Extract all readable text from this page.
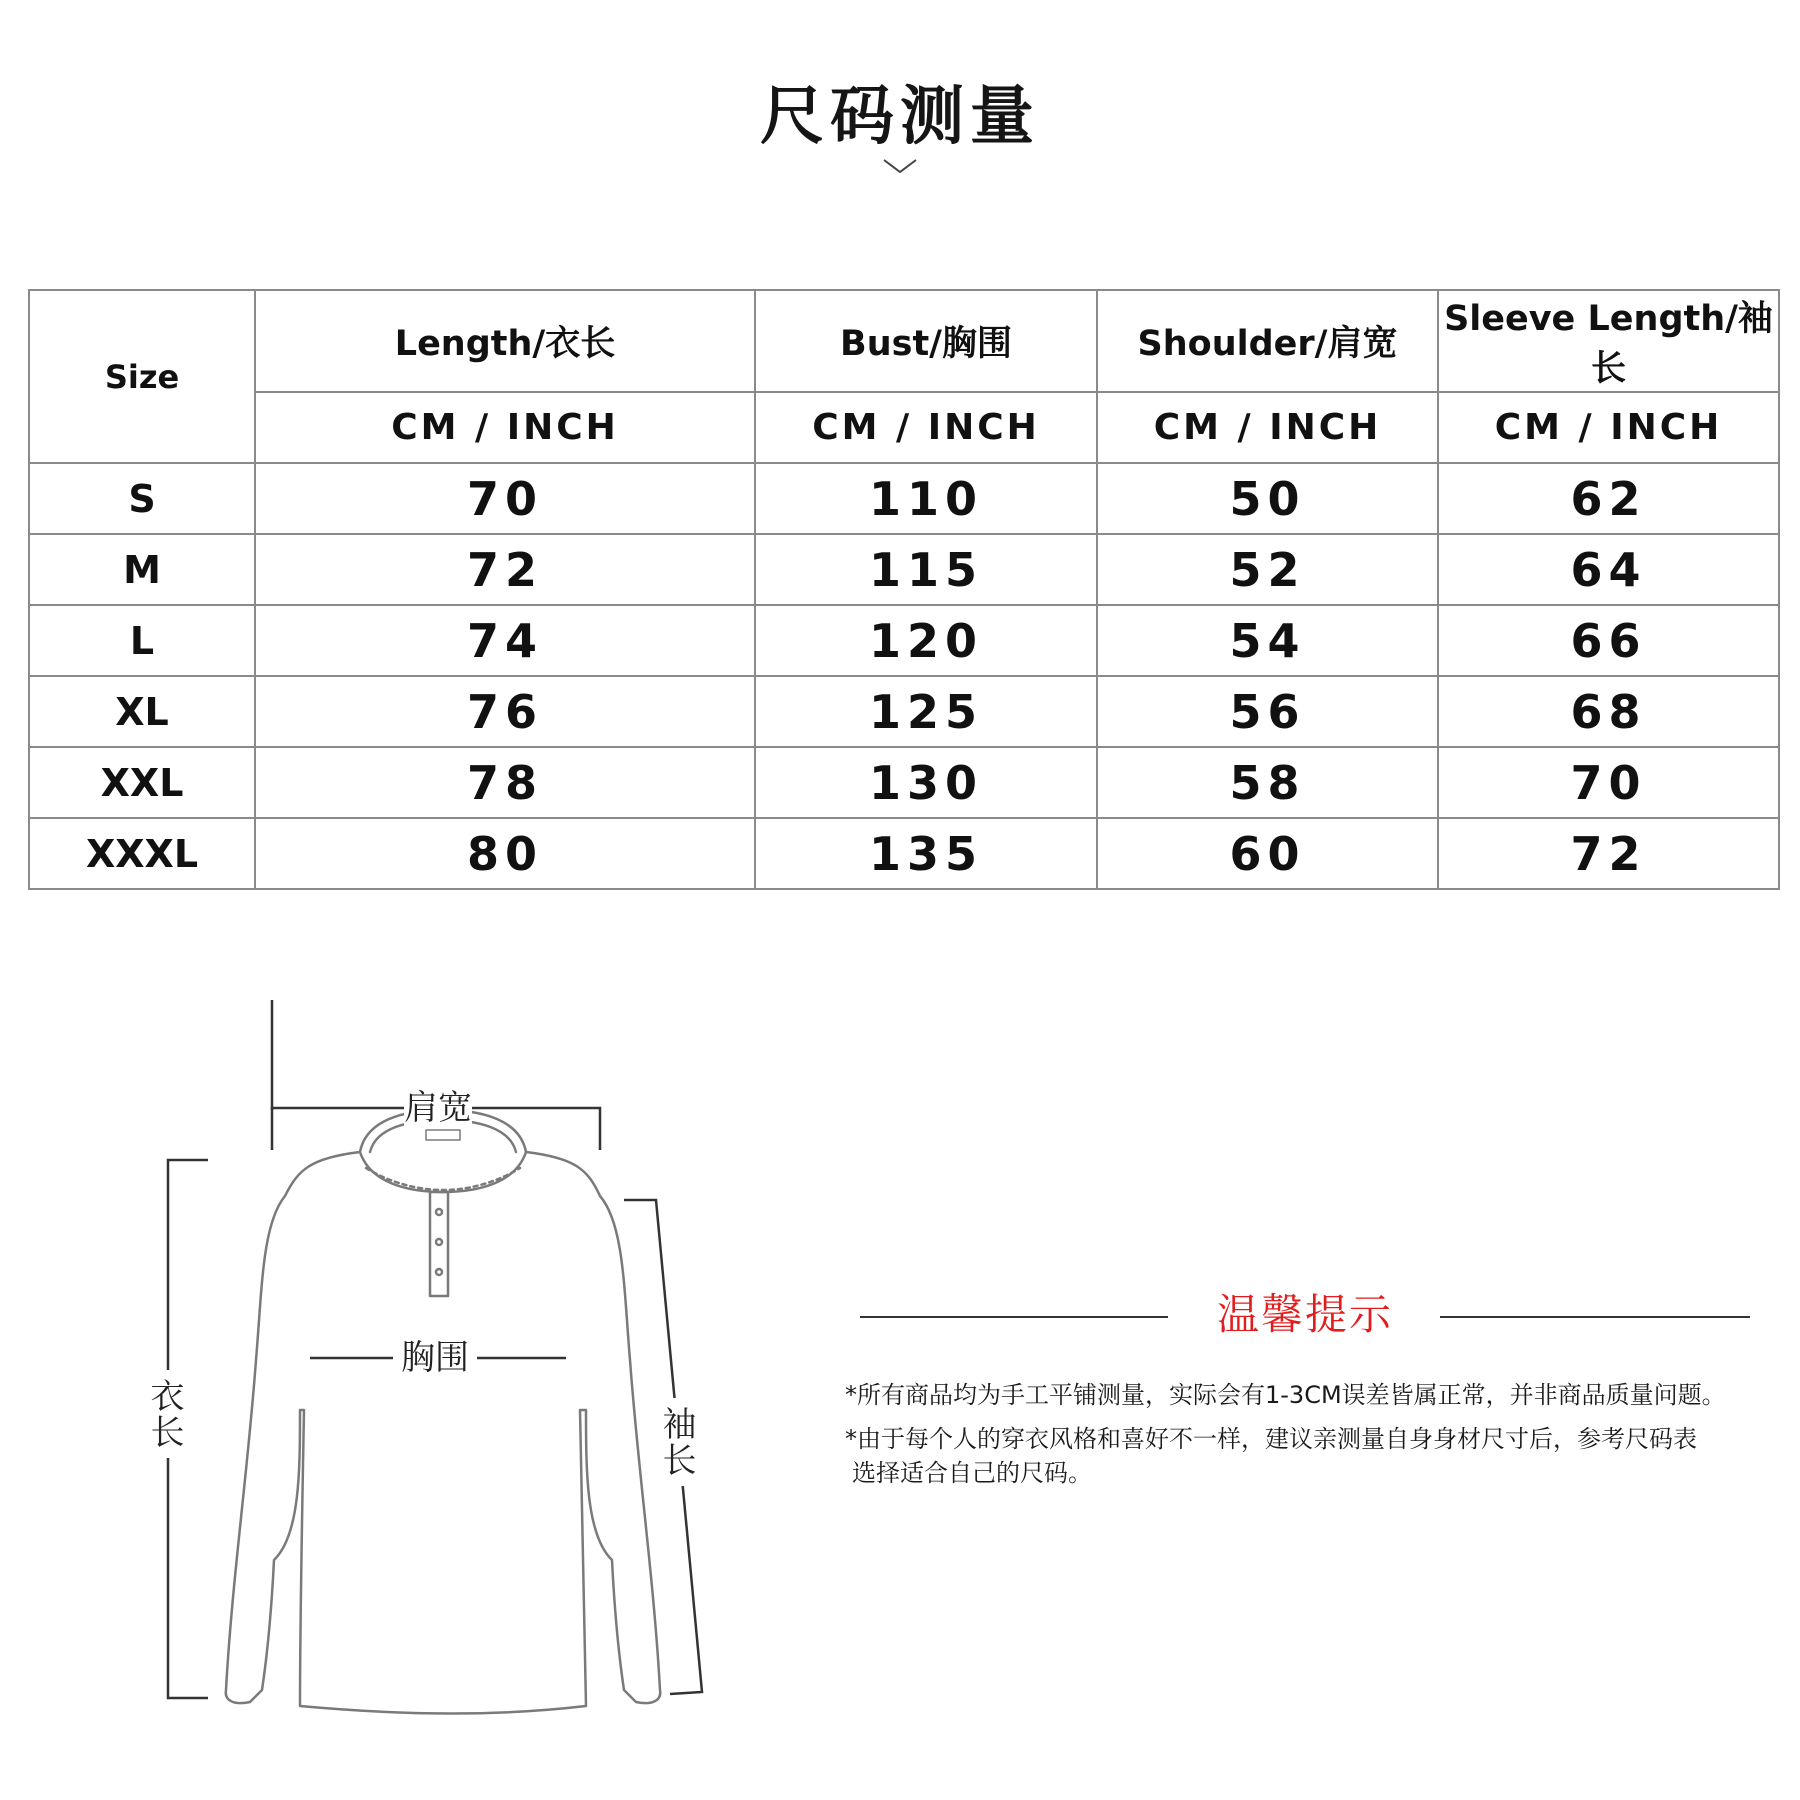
尺码测量
Size	Length/衣长	Bust/胸围	Shoulder/肩宽	Sleeve Length/袖长
	CM / INCH	CM / INCH	CM / INCH	CM / INCH
S	70	110	50	62
M	72	115	52	64
L	74	120	54	66
XL	76	125	56	68
XXL	78	130	58	70
XXXL	80	135	60	72
肩宽
胸围
衣长	袖长
温馨提示
*所有商品均为手工平铺测量，实际会有1-3CM误差皆属正常，并非商品质量问题。
*由于每个人的穿衣风格和喜好不一样，建议亲测量自身身材尺寸后，参考尺码表
选择适合自己的尺码。
